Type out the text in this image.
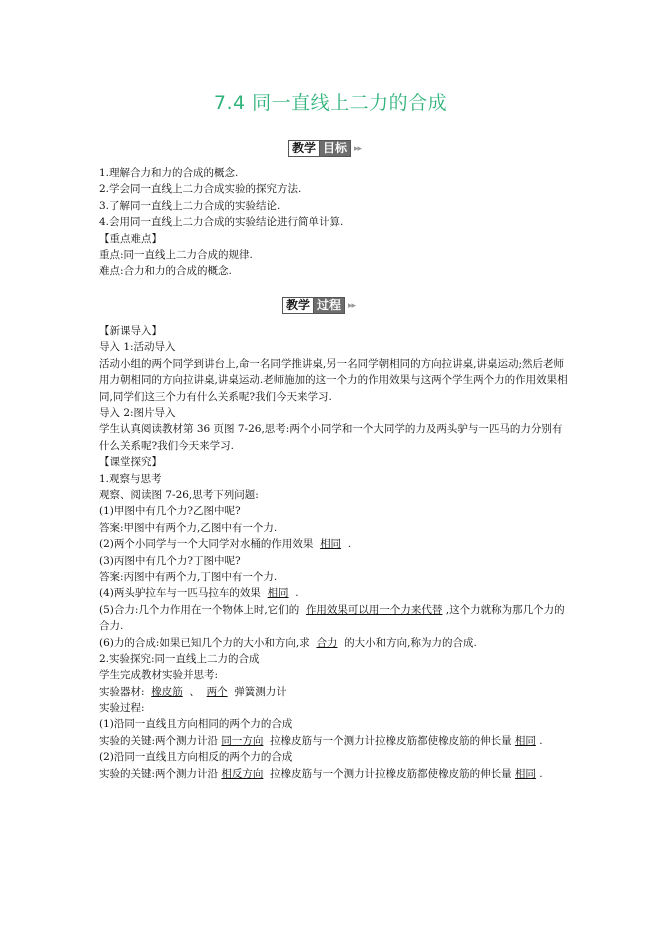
7.4 同一直线上二力的合成
教学 目标 ▸▸
1.理解合力和力的合成的概念.
2.学会同一直线上二力合成实验的探究方法.
3.了解同一直线上二力合成的实验结论.
4.会用同一直线上二力合成的实验结论进行简单计算.
【重点难点】
重点:同一直线上二力合成的规律.
难点:合力和力的合成的概念.
教学 过程 ▸▸
【新课导入】
导入 1:活动导入
活动小组的两个同学到讲台上,命一名同学推讲桌,另一名同学朝相同的方向拉讲桌,讲桌运动;然后老师用力朝相同的方向拉讲桌,讲桌运动.老师施加的这一个力的作用效果与这两个学生两个力的作用效果相同,同学们这三个力有什么关系呢?我们今天来学习.
导入 2:图片导入
学生认真阅读教材第 36 页图 7-26,思考:两个小同学和一个大同学的力及两头驴与一匹马的力分别有什么关系呢?我们今天来学习.
【课堂探究】
1.观察与思考
观察、阅读图 7-26,思考下列问题:
(1)甲图中有几个力?乙图中呢?
答案:甲图中有两个力,乙图中有一个力.
(2)两个小同学与一个大同学对水桶的作用效果 相同 .
(3)丙图中有几个力?丁图中呢?
答案:丙图中有两个力,丁图中有一个力.
(4)两头驴拉车与一匹马拉车的效果 相同 .
(5)合力:几个力作用在一个物体上时,它们的 作用效果可以用一个力来代替 ,这个力就称为那几个力的合力.
(6)力的合成:如果已知几个力的大小和方向,求 合力 的大小和方向,称为力的合成.
2.实验探究:同一直线上二力的合成
学生完成教材实验并思考:
实验器材: 橡皮筋 、 两个 弹簧测力计
实验过程:
(1)沿同一直线且方向相同的两个力的合成
实验的关键:两个测力计沿 同一方向 拉橡皮筋与一个测力计拉橡皮筋都使橡皮筋的伸长量 相同 .
(2)沿同一直线且方向相反的两个力的合成
实验的关键:两个测力计沿 相反方向 拉橡皮筋与一个测力计拉橡皮筋都使橡皮筋的伸长量 相同 .
